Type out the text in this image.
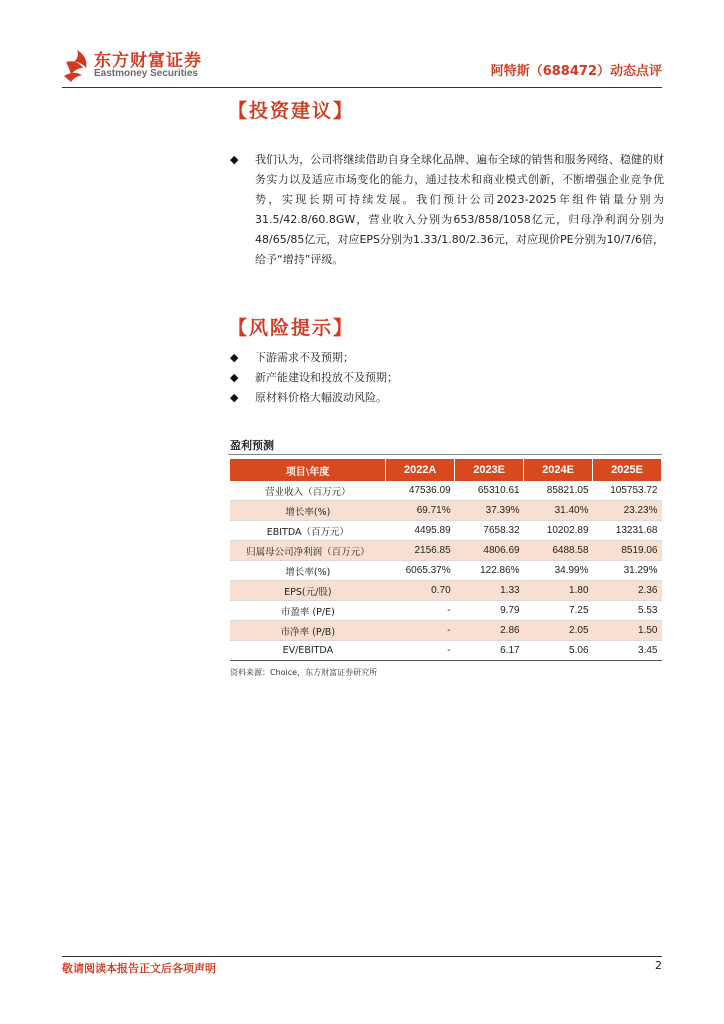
东方财富证券
Eastmoney Securities	阿特斯（688472）动态点评
【投资建议】
◆ 我们认为，公司将继续借助自身全球化品牌、遍布全球的销售和服务网络、稳健的财务实力以及适应市场变化的能力，通过技术和商业模式创新，不断增强企业竞争优势，实现长期可持续发展。我们预计公司2023-2025年组件销量分别为31.5/42.8/60.8GW，营业收入分别为653/858/1058亿元，归母净利润分别为48/65/85亿元，对应EPS分别为1.33/1.80/2.36元，对应现价PE分别为10/7/6倍，给予“增持”评级。
【风险提示】
◆ 下游需求不及预期；
◆ 新产能建设和投放不及预期；
◆ 原材料价格大幅波动风险。
盈利预测
项目\年度	2022A	2023E	2024E	2025E
营业收入（百万元）	47536.09	65310.61	85821.05	105753.72
增长率(%)	69.71%	37.39%	31.40%	23.23%
EBITDA（百万元）	4495.89	7658.32	10202.89	13231.68
归属母公司净利润（百万元）	2156.85	4806.69	6488.58	8519.06
增长率(%)	6065.37%	122.86%	34.99%	31.29%
EPS(元/股)	0.70	1.33	1.80	2.36
市盈率 (P/E)	-	9.79	7.25	5.53
市净率 (P/B)	-	2.86	2.05	1.50
EV/EBITDA	-	6.17	5.06	3.45
资料来源：Choice，东方财富证券研究所
敬请阅读本报告正文后各项声明	2
